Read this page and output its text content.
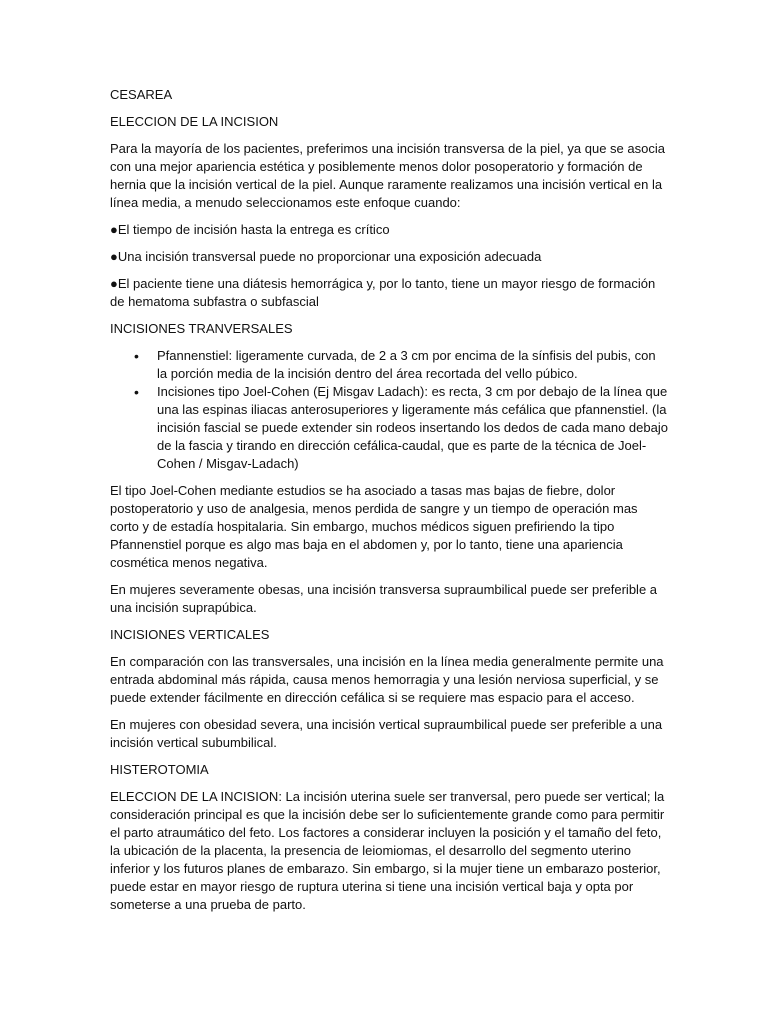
CESAREA

ELECCION DE LA INCISION

Para la mayoría de los pacientes, preferimos una incisión transversa de la piel, ya que se asocia con una mejor apariencia estética y posiblemente menos dolor posoperatorio y formación de hernia que la incisión vertical de la piel. Aunque raramente realizamos una incisión vertical en la línea media, a menudo seleccionamos este enfoque cuando:

●El tiempo de incisión hasta la entrega es crítico

●Una incisión transversal puede no proporcionar una exposición adecuada

●El paciente tiene una diátesis hemorrágica y, por lo tanto, tiene un mayor riesgo de formación de hematoma subfastra o subfascial

INCISIONES TRANVERSALES

• Pfannenstiel: ligeramente curvada, de 2 a 3 cm por encima de la sínfisis del pubis, con la porción media de la incisión dentro del área recortada del vello púbico.
• Incisiones tipo Joel-Cohen (Ej Misgav Ladach): es recta, 3 cm por debajo de la línea que una las espinas iliacas anterosuperiores y ligeramente más cefálica que pfannenstiel. (la incisión fascial se puede extender sin rodeos insertando los dedos de cada mano debajo de la fascia y tirando en dirección cefálica-caudal, que es parte de la técnica de Joel-Cohen / Misgav-Ladach)

El tipo Joel-Cohen mediante estudios se ha asociado a tasas mas bajas de fiebre, dolor postoperatorio y uso de analgesia, menos perdida de sangre y un tiempo de operación mas corto y de estadía hospitalaria. Sin embargo, muchos médicos siguen prefiriendo la tipo Pfannenstiel porque es algo mas baja en el abdomen y, por lo tanto, tiene una apariencia cosmética menos negativa.

En mujeres severamente obesas, una incisión transversa supraumbilical puede ser preferible a una incisión suprapúbica.

INCISIONES VERTICALES

En comparación con las transversales, una incisión en la línea media generalmente permite una entrada abdominal más rápida, causa menos hemorragia y una lesión nerviosa superficial, y se puede extender fácilmente en dirección cefálica si se requiere mas espacio para el acceso.

En mujeres con obesidad severa, una incisión vertical supraumbilical puede ser preferible a una incisión vertical subumbilical.

HISTEROTOMIA

ELECCION DE LA INCISION: La incisión uterina suele ser tranversal, pero puede ser vertical; la consideración principal es que la incisión debe ser lo suficientemente grande como para permitir el parto atraumático del feto. Los factores a considerar incluyen la posición y el tamaño del feto, la ubicación de la placenta, la presencia de leiomiomas, el desarrollo del segmento uterino inferior y los futuros planes de embarazo. Sin embargo, si la mujer tiene un embarazo posterior, puede estar en mayor riesgo de ruptura uterina si tiene una incisión vertical baja y opta por someterse a una prueba de parto.
